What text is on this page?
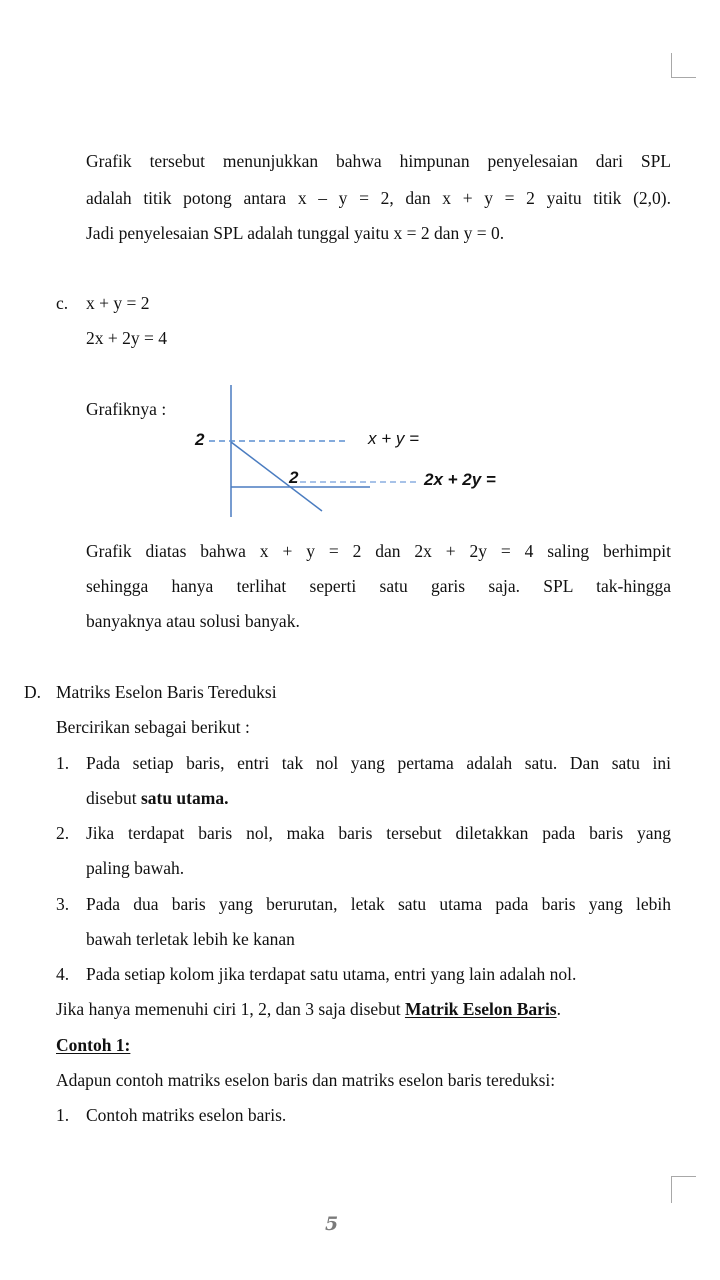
Grafik tersebut menunjukkan bahwa himpunan penyelesaian dari SPL
adalah titik potong antara x – y = 2, dan x + y = 2 yaitu titik (2,0).
Jadi penyelesaian SPL adalah tunggal yaitu x = 2 dan y = 0.
c. x + y = 2
2x + 2y = 4
Grafiknya :
2
2
x + y =
2x + 2y =
Grafik diatas bahwa x + y = 2 dan 2x + 2y = 4 saling berhimpit
sehingga hanya terlihat seperti satu garis saja. SPL tak-hingga
banyaknya atau solusi banyak.
D. Matriks Eselon Baris Tereduksi
Bercirikan sebagai berikut :
1. Pada setiap baris, entri tak nol yang pertama adalah satu. Dan satu ini
disebut satu utama.
2. Jika terdapat baris nol, maka baris tersebut diletakkan pada baris yang
paling bawah.
3. Pada dua baris yang berurutan, letak satu utama pada baris yang lebih
bawah terletak lebih ke kanan
4. Pada setiap kolom jika terdapat satu utama, entri yang lain adalah nol.
Jika hanya memenuhi ciri 1, 2, dan 3 saja disebut Matrik Eselon Baris.
Contoh 1:
Adapun contoh matriks eselon baris dan matriks eselon baris tereduksi:
1. Contoh matriks eselon baris.
5
